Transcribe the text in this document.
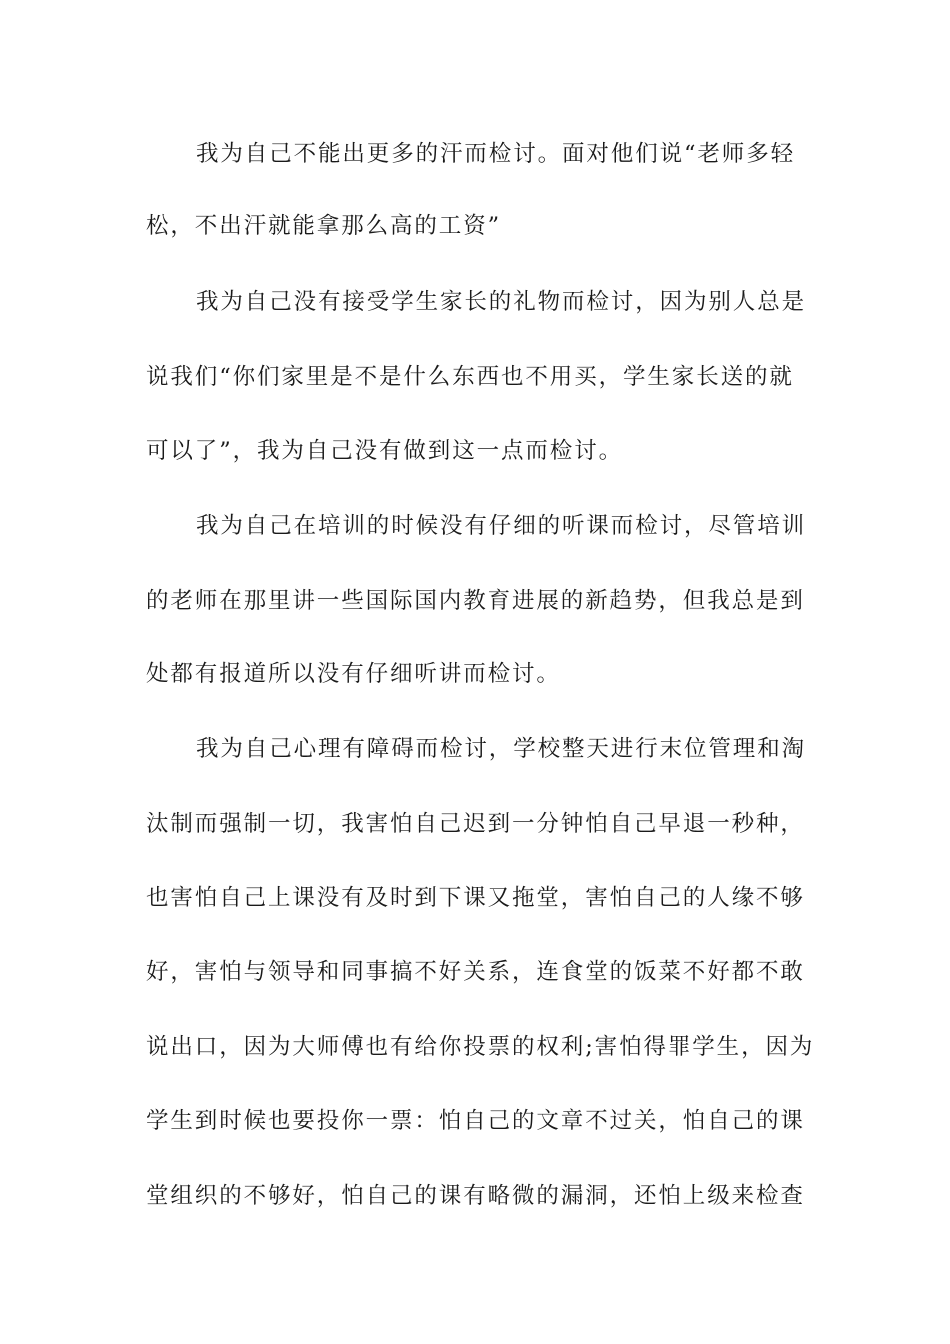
我为自己不能出更多的汗而检讨。面对他们说“老师多轻
松，不出汗就能拿那么高的工资”
我为自己没有接受学生家长的礼物而检讨，因为别人总是
说我们“你们家里是不是什么东西也不用买，学生家长送的就
可以了”，我为自己没有做到这一点而检讨。
我为自己在培训的时候没有仔细的听课而检讨，尽管培训
的老师在那里讲一些国际国内教育进展的新趋势，但我总是到
处都有报道所以没有仔细听讲而检讨。
我为自己心理有障碍而检讨，学校整天进行末位管理和淘
汰制而强制一切，我害怕自己迟到一分钟怕自己早退一秒种，
也害怕自己上课没有及时到下课又拖堂，害怕自己的人缘不够
好，害怕与领导和同事搞不好关系，连食堂的饭菜不好都不敢
说出口，因为大师傅也有给你投票的权利;害怕得罪学生，因为
学生到时候也要投你一票：怕自己的文章不过关，怕自己的课
堂组织的不够好，怕自己的课有略微的漏洞，还怕上级来检查
